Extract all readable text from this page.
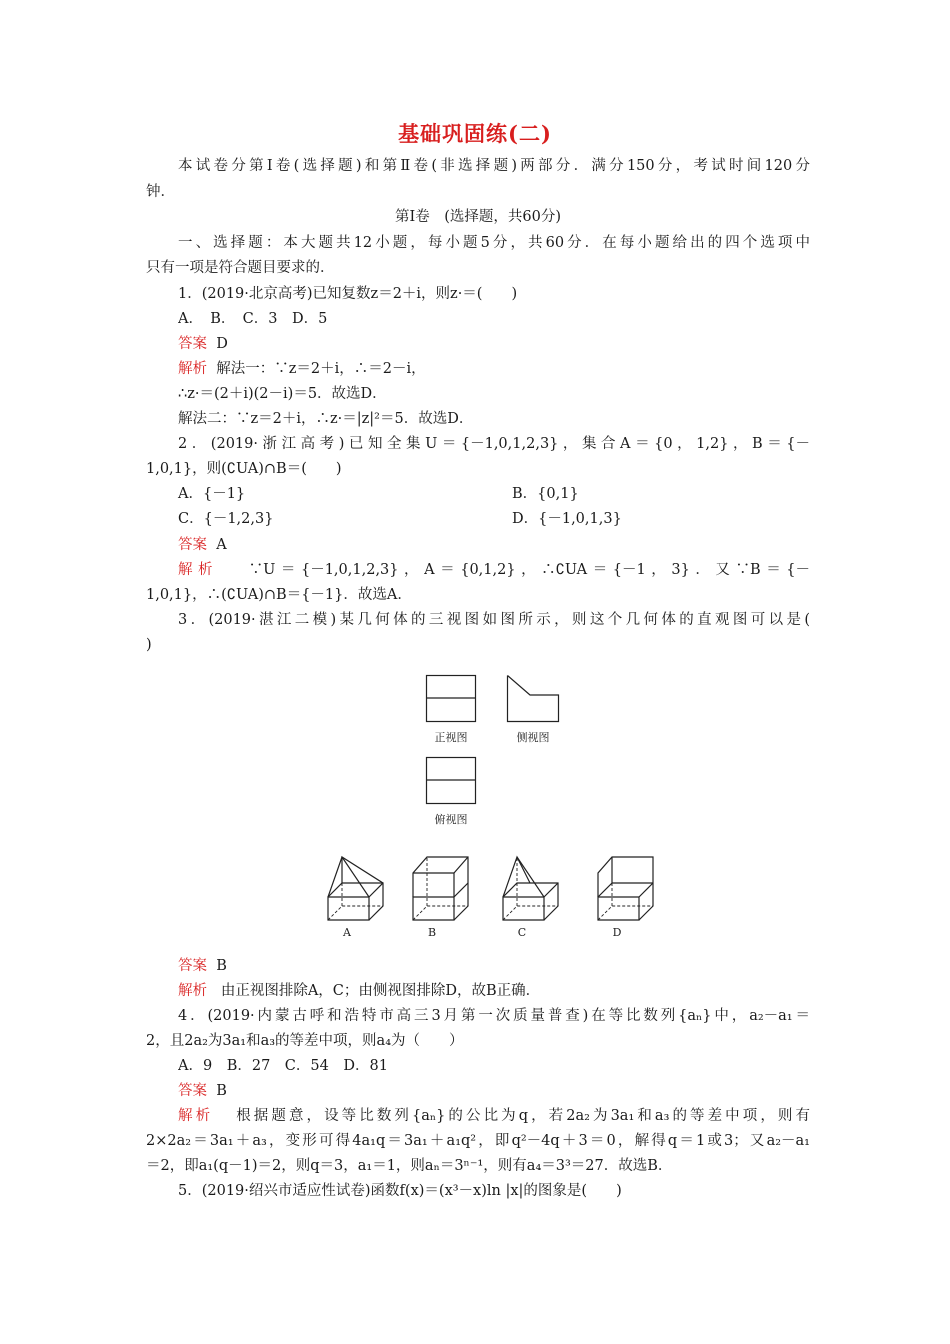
基础巩固练(二)
本试卷分第Ⅰ卷(选择题)和第Ⅱ卷(非选择题)两部分．满分150分，考试时间120分
钟．
第Ⅰ卷　(选择题，共60分)
一、选择题：本大题共12小题，每小题5分，共60分．在每小题给出的四个选项中
只有一项是符合题目要求的．
1．(2019·北京高考)已知复数z＝2＋i，则z·＝(　　)
A．　B．　C．3　D．5
答案 D
解析 解法一：∵z＝2＋i，∴＝2－i，
∴z·＝(2＋i)(2－i)＝5．故选D．
解法二：∵z＝2＋i，∴z·＝|z|²＝5．故选D．
2．(2019·浙江高考)已知全集U＝{－1,0,1,2,3}，集合A＝{0，1,2}，B＝{－
1,0,1}，则(∁UA)∩B＝(　　)
A．{－1}	B．{0,1}
C．{－1,2,3}	D．{－1,0,1,3}
答案 A
解析 ∵U＝{－1,0,1,2,3}，A＝{0,1,2}，∴∁UA＝{－1，3}．又∵B＝{－
1,0,1}，∴(∁UA)∩B＝{－1}．故选A．
3．(2019·湛江二模)某几何体的三视图如图所示，则这个几何体的直观图可以是(
)
正视图	侧视图
俯视图
A	B	C	D
答案 B
解析 由正视图排除A，C；由侧视图排除D，故B正确．
4．(2019·内蒙古呼和浩特市高三3月第一次质量普查)在等比数列{aₙ}中，a₂－a₁＝
2，且2a₂为3a₁和a₃的等差中项，则a₄为（　　）
A．9　B．27　C．54　D．81
答案 B
解析 根据题意，设等比数列{aₙ}的公比为q，若2a₂为3a₁和a₃的等差中项，则有
2×2a₂＝3a₁＋a₃，变形可得4a₁q＝3a₁＋a₁q²，即q²－4q＋3＝0，解得q＝1或3；又a₂－a₁
＝2，即a₁(q－1)＝2，则q＝3，a₁＝1，则aₙ＝3ⁿ⁻¹，则有a₄＝3³＝27．故选B．
5．(2019·绍兴市适应性试卷)函数f(x)＝(x³－x)ln |x|的图象是(　　)
